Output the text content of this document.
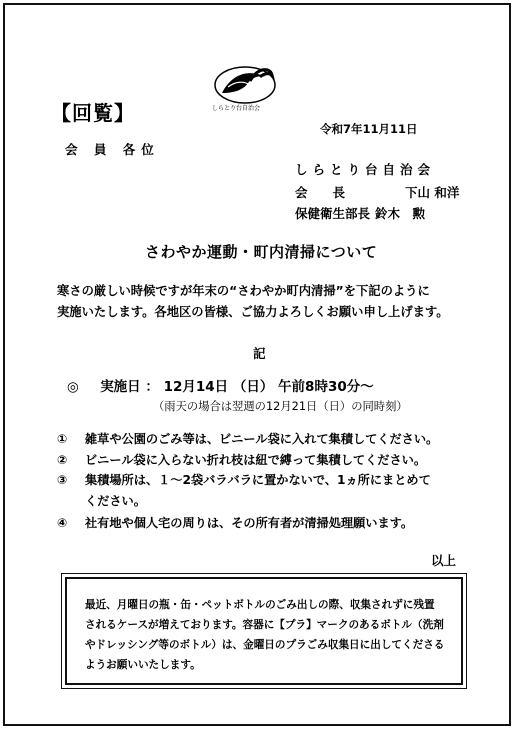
【回覧】	しらとり台自治会
令和7年11月11日
会 員 各位
しらとり台自治会
会　　長	下山 和洋
保健衛生部長 鈴木　勲
さわやか運動・町内清掃について
寒さの厳しい時候ですが年末の“さわやか町内清掃”を下記のように
実施いたします。各地区の皆様、ご協力よろしくお願い申し上げます。
記
◎ 実施日 ： 12月14日 （日） 午前8時30分～
（雨天の場合は翌週の12月21日（日）の同時刻）
① 雑草や公園のごみ等は、ビニール袋に入れて集積してください。
② ビニール袋に入らない折れ枝は紐で縛って集積してください。
③ 集積場所は、１～2袋バラバラに置かないで、1ヵ所にまとめて
ください。
④ 社有地や個人宅の周りは、その所有者が清掃処理願います。
以上
最近、月曜日の瓶・缶・ペットボトルのごみ出しの際、収集されずに残置
されるケースが増えております。容器に【プラ】マークのあるボトル（洗剤
やドレッシング等のボトル）は、金曜日のプラごみ収集日に出してくださる
ようお願いいたします。
